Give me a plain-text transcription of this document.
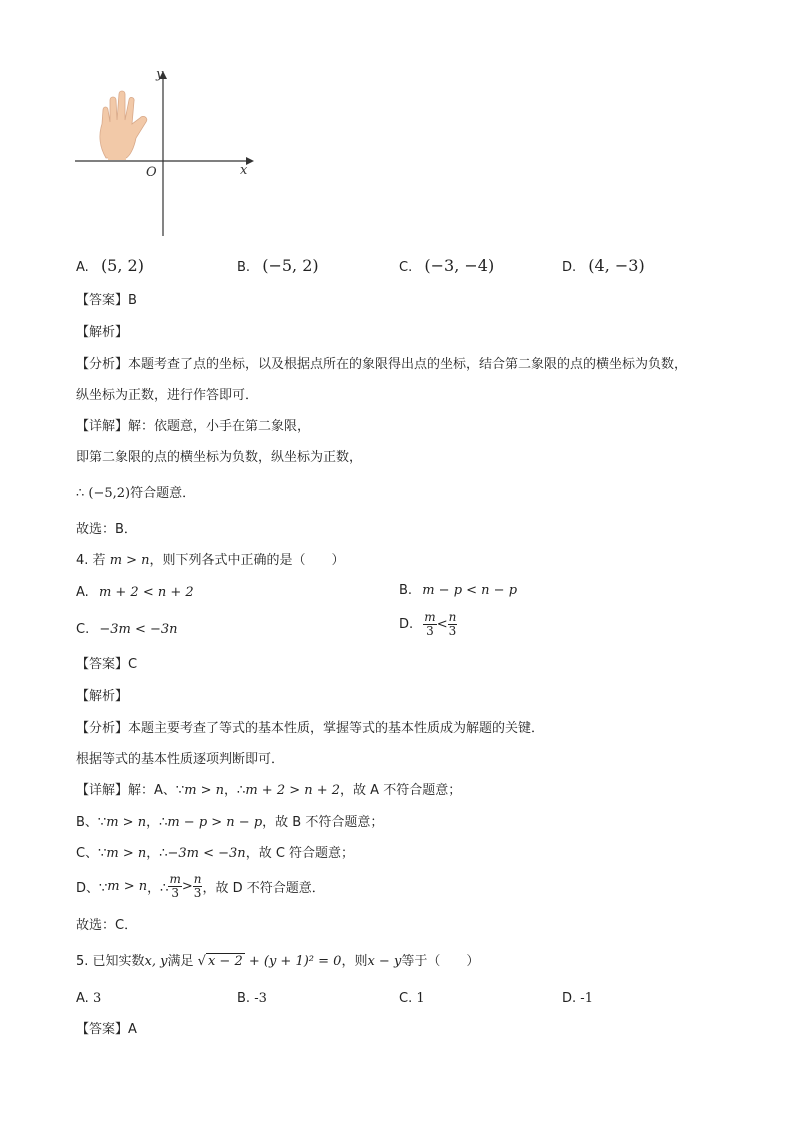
y
x
O
A. (5, 2)	B. (−5, 2)	C. (−3, −4)	D. (4, −3)
【答案】B
【解析】
【分析】本题考查了点的坐标，以及根据点所在的象限得出点的坐标，结合第二象限的点的横坐标为负数，
纵坐标为正数，进行作答即可．
【详解】解：依题意，小手在第二象限，
即第二象限的点的横坐标为负数，纵坐标为正数，
∴ (−5,2)符合题意．
故选：B．
4. 若 m > n，则下列各式中正确的是（　　）
A. m + 2 < n + 2	B. m − p < n − p
C. −3m < −3n	D. $\frac{m}{3} < \frac{n}{3}$
【答案】C
【解析】
【分析】本题主要考查了等式的基本性质，掌握等式的基本性质成为解题的关键．
根据等式的基本性质逐项判断即可．
【详解】解：A、∵m > n，∴m + 2 > n + 2，故 A 不符合题意；
B、∵m > n，∴m − p > n − p，故 B 不符合题意；
C、∵m > n，∴−3m < −3n，故 C 符合题意；
D、∵m > n，∴ $\frac{m}{3} > \frac{n}{3}$ ，故 D 不符合题意．
故选：C．
5. 已知实数x, y满足 √ x − 2 + (y + 1)² = 0，则x − y等于（　　）
A. 3	B. -3	C. 1	D. -1
【答案】A
